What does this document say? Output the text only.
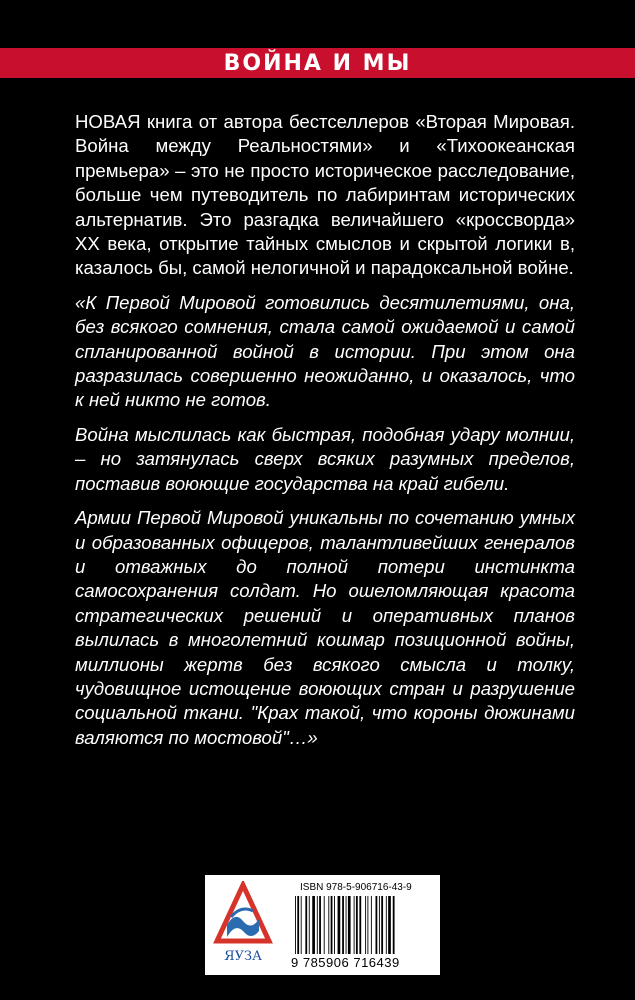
ВОЙНА И МЫ

НОВАЯ книга от автора бестселлеров «Вторая Мировая. Война между Реальностями» и «Тихоокеанская премьера» – это не просто историческое расследование, больше чем путеводитель по лабиринтам исторических альтернатив. Это разгадка величайшего «кроссворда» XX века, открытие тайных смыслов и скрытой логики в, казалось бы, самой нелогичной и парадоксальной войне.

«К Первой Мировой готовились десятилетиями, она, без всякого сомнения, стала самой ожидаемой и самой спланированной войной в истории. При этом она разразилась совершенно неожиданно, и оказалось, что к ней никто не готов.

Война мыслилась как быстрая, подобная удару молнии, – но затянулась сверх всяких разумных пределов, поставив воюющие государства на край гибели.

Армии Первой Мировой уникальны по сочетанию умных и образованных офицеров, талантливейших генералов и отважных до полной потери инстинкта самосохранения солдат. Но ошеломляющая красота стратегических решений и оперативных планов вылилась в многолетний кошмар позиционной войны, миллионы жертв без всякого смысла и толку, чудовищное истощение воюющих стран и разрушение социальной ткани. "Крах такой, что короны дюжинами валяются по мостовой"…»

ЯУЗА
ISBN 978-5-906716-43-9
9 785906 716439
